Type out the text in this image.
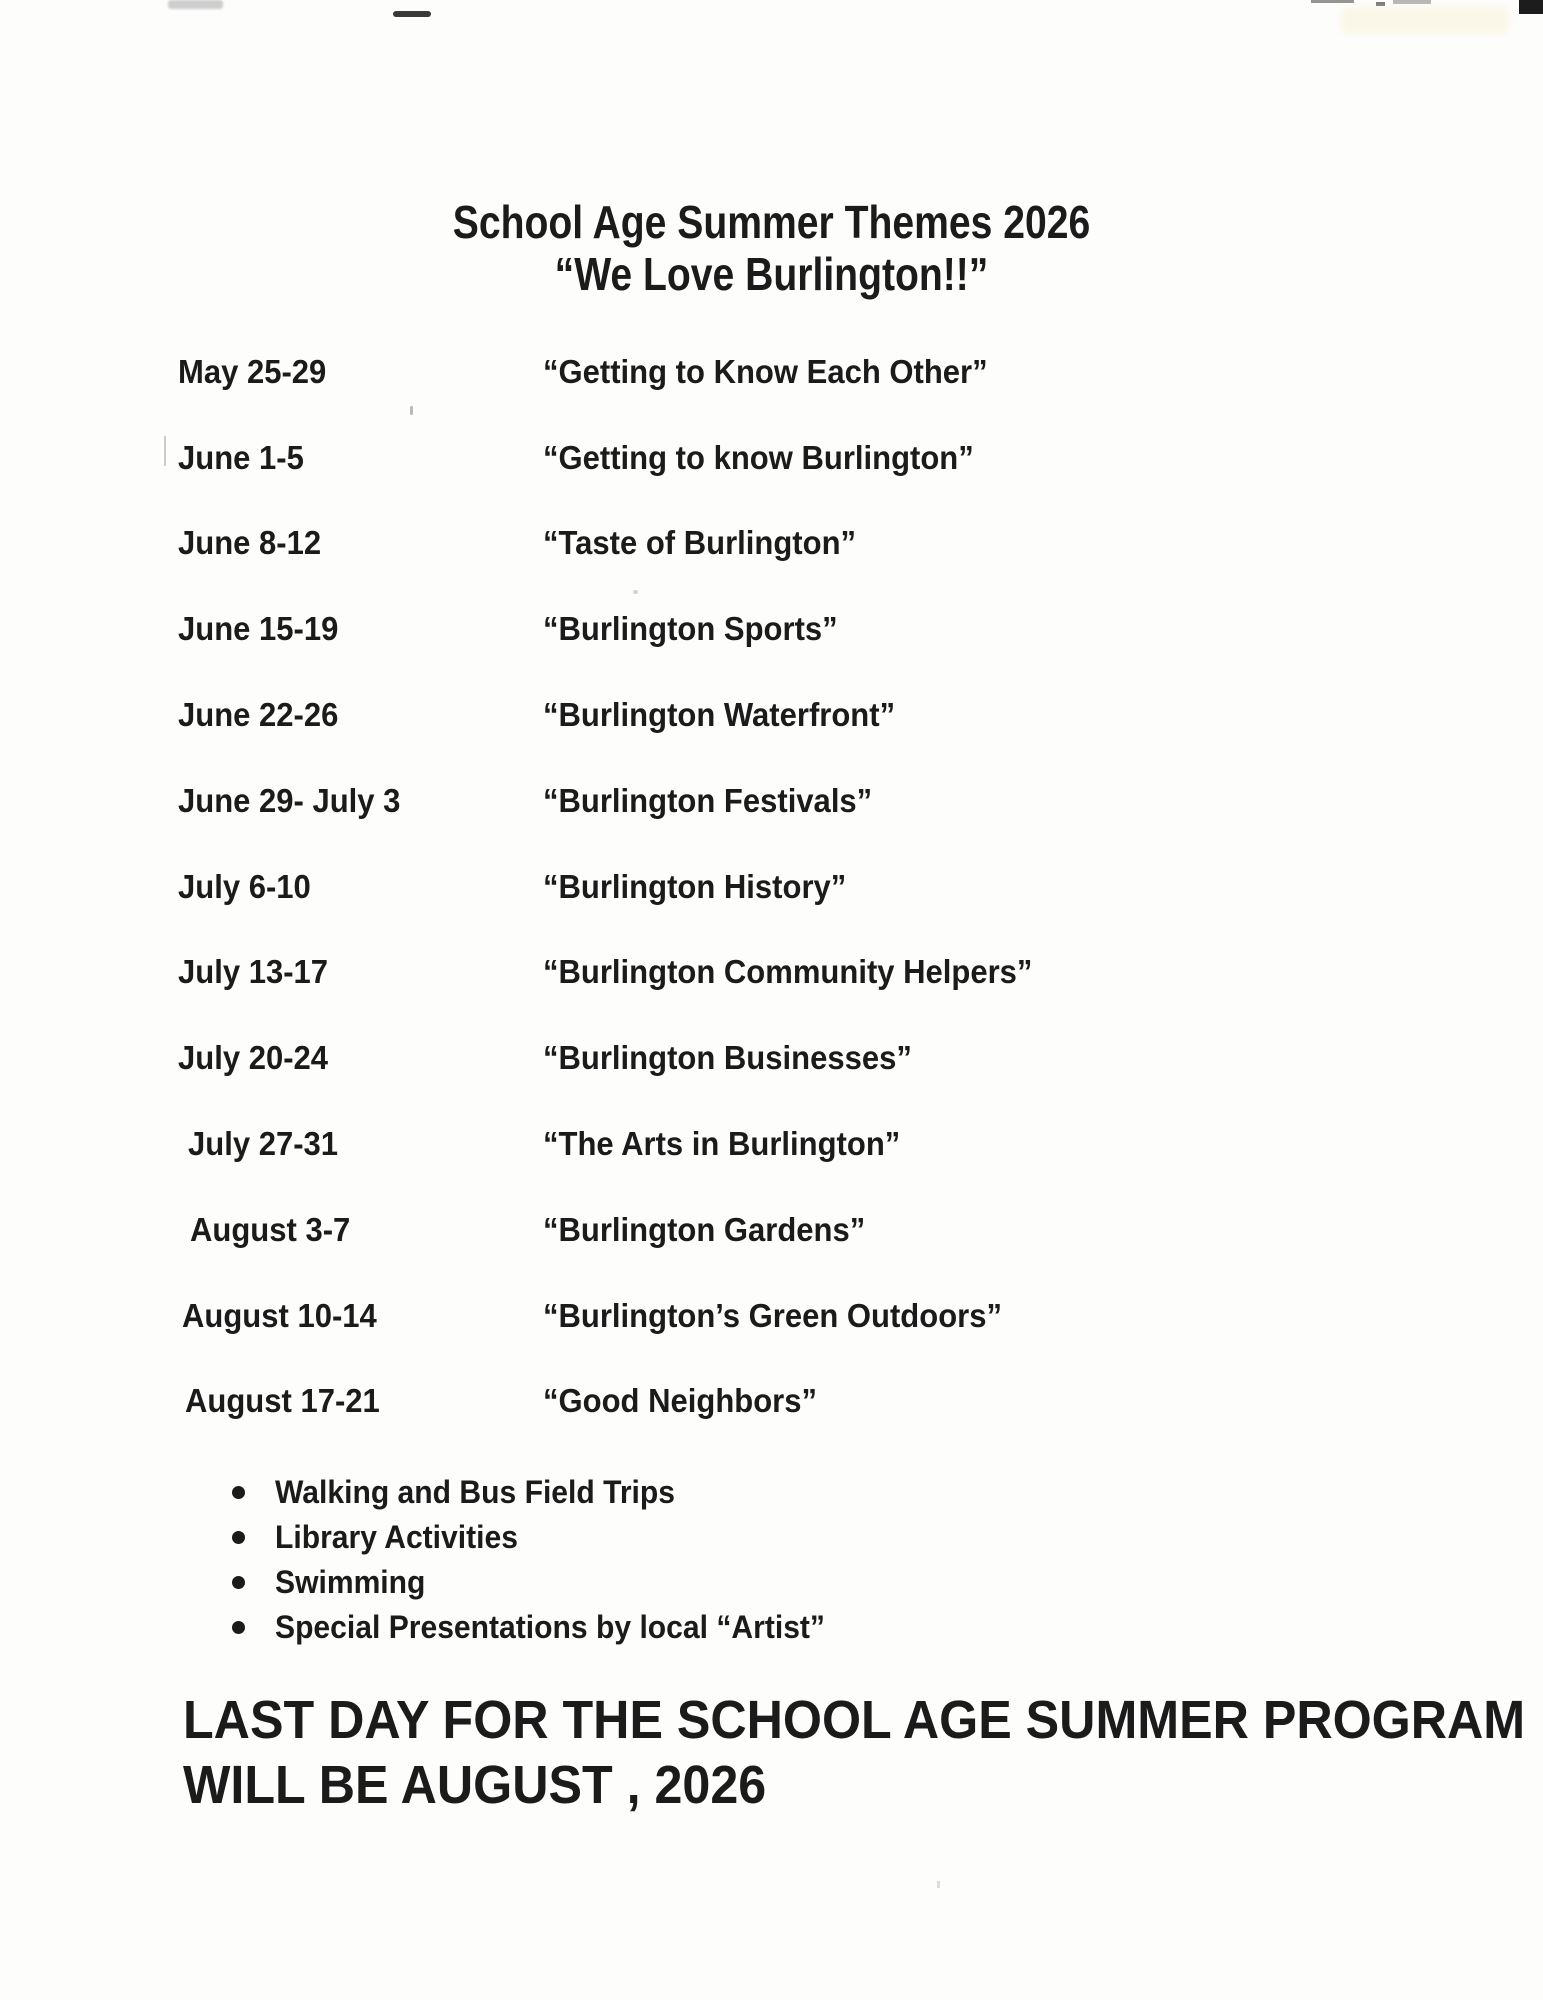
School Age Summer Themes 2026
“We Love Burlington!!”
May 25-29	“Getting to Know Each Other”
June 1-5	“Getting to know Burlington”
June 8-12	“Taste of Burlington”
June 15-19	“Burlington Sports”
June 22-26	“Burlington Waterfront”
June 29- July 3	“Burlington Festivals”
July 6-10	“Burlington History”
July 13-17	“Burlington Community Helpers”
July 20-24	“Burlington Businesses”
July 27-31	“The Arts in Burlington”
August 3-7	“Burlington Gardens”
August 10-14	“Burlington’s Green Outdoors”
August 17-21	“Good Neighbors”
Walking and Bus Field Trips
Library Activities
Swimming
Special Presentations by local “Artist”
LAST DAY FOR THE SCHOOL AGE SUMMER PROGRAM
WILL BE AUGUST , 2026
